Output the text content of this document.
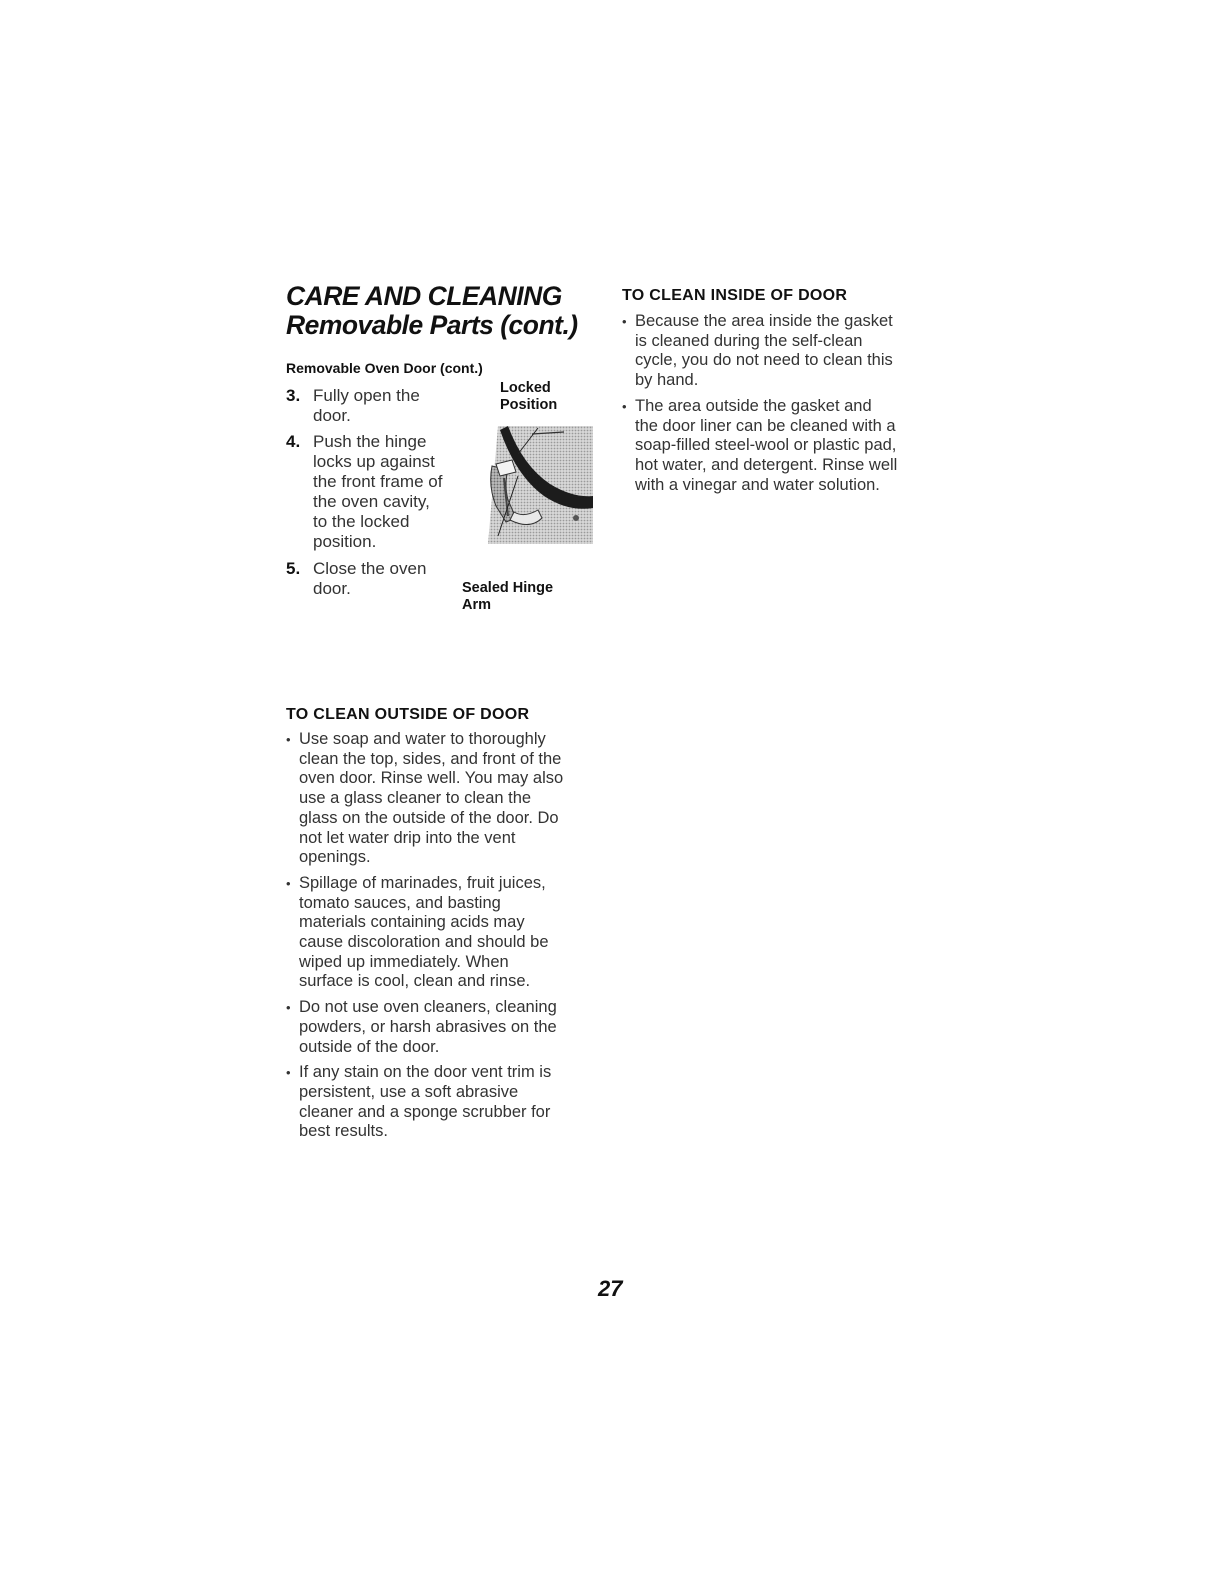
CARE AND CLEANING
Removable Parts (cont.)
Removable Oven Door (cont.)
3. Fully open the
door.
4. Push the hinge
locks up against
the front frame of
the oven cavity,
to the locked
position.
5. Close the oven
door.
Locked
Position
Sealed Hinge
Arm
TO CLEAN OUTSIDE OF DOOR
• Use soap and water to thoroughly
clean the top, sides, and front of the
oven door. Rinse well. You may also
use a glass cleaner to clean the
glass on the outside of the door. Do
not let water drip into the vent
openings.
• Spillage of marinades, fruit juices,
tomato sauces, and basting
materials containing acids may
cause discoloration and should be
wiped up immediately. When
surface is cool, clean and rinse.
• Do not use oven cleaners, cleaning
powders, or harsh abrasives on the
outside of the door.
• If any stain on the door vent trim is
persistent, use a soft abrasive
cleaner and a sponge scrubber for
best results.
TO CLEAN INSIDE OF DOOR
• Because the area inside the gasket
is cleaned during the self-clean
cycle, you do not need to clean this
by hand.
• The area outside the gasket and
the door liner can be cleaned with a
soap-filled steel-wool or plastic pad,
hot water, and detergent. Rinse well
with a vinegar and water solution.
27
